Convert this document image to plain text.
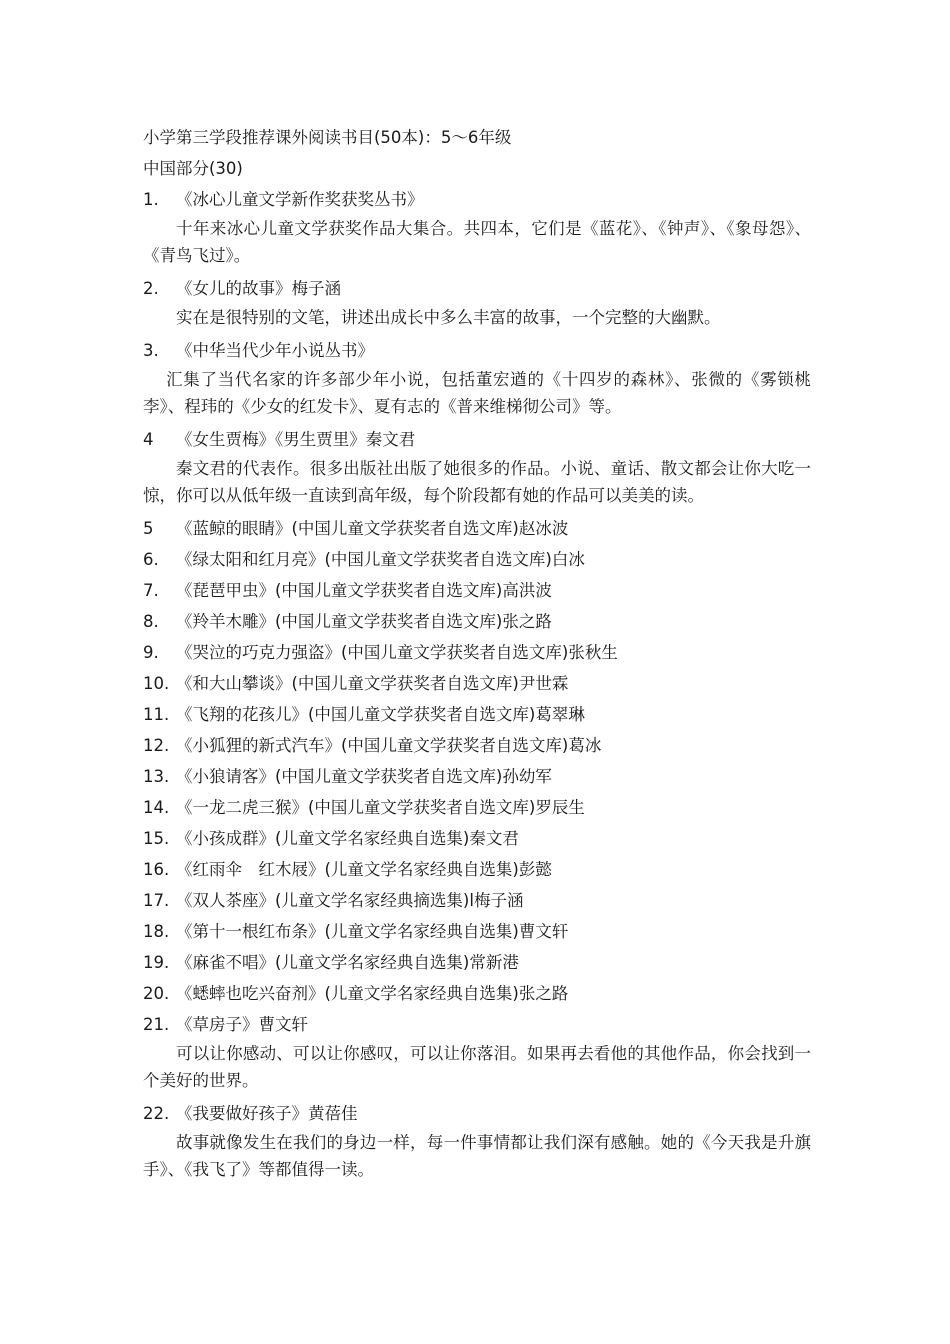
小学第三学段推荐课外阅读书目(50本)：5～6年级
中国部分(30)
1. 《冰心儿童文学新作奖获奖丛书》
十年来冰心儿童文学获奖作品大集合。共四本，它们是《蓝花》、《钟声》、《象母怨》、《青鸟飞过》。
2. 《女儿的故事》梅子涵
实在是很特别的文笔，讲述出成长中多么丰富的故事，一个完整的大幽默。
3. 《中华当代少年小说丛书》
汇集了当代名家的许多部少年小说，包括董宏遒的《十四岁的森林》、张微的《雾锁桃李》、程玮的《少女的红发卡》、夏有志的《普来维梯彻公司》等。
4 《女生贾梅》《男生贾里》秦文君
秦文君的代表作。很多出版社出版了她很多的作品。小说、童话、散文都会让你大吃一惊，你可以从低年级一直读到高年级，每个阶段都有她的作品可以美美的读。
5 《蓝鲸的眼睛》(中国儿童文学获奖者自选文库)赵冰波
6. 《绿太阳和红月亮》(中国儿童文学获奖者自选文库)白冰
7. 《琵琶甲虫》(中国儿童文学获奖者自选文库)高洪波
8. 《羚羊木雕》(中国儿童文学获奖者自选文库)张之路
9. 《哭泣的巧克力强盗》(中国儿童文学获奖者自选文库)张秋生
10. 《和大山攀谈》(中国儿童文学获奖者自选文库)尹世霖
11. 《飞翔的花孩儿》(中国儿童文学获奖者自选文库)葛翠琳
12. 《小狐狸的新式汽车》(中国儿童文学获奖者自选文库)葛冰
13. 《小狼请客》(中国儿童文学获奖者自选文库)孙幼军
14. 《一龙二虎三猴》(中国儿童文学获奖者自选文库)罗辰生
15. 《小孩成群》(儿童文学名家经典自选集)秦文君
16. 《红雨伞　红木屐》(儿童文学名家经典自选集)彭懿
17. 《双人茶座》(儿童文学名家经典摘选集)l梅子涵
18. 《第十一根红布条》(儿童文学名家经典自选集)曹文轩
19. 《麻雀不唱》(儿童文学名家经典自选集)常新港
20. 《蟋蟀也吃兴奋剂》(儿童文学名家经典自选集)张之路
21. 《草房子》曹文轩
可以让你感动、可以让你感叹，可以让你落泪。如果再去看他的其他作品，你会找到一个美好的世界。
22. 《我要做好孩子》黄蓓佳
故事就像发生在我们的身边一样，每一件事情都让我们深有感触。她的《今天我是升旗手》、《我飞了》等都值得一读。
